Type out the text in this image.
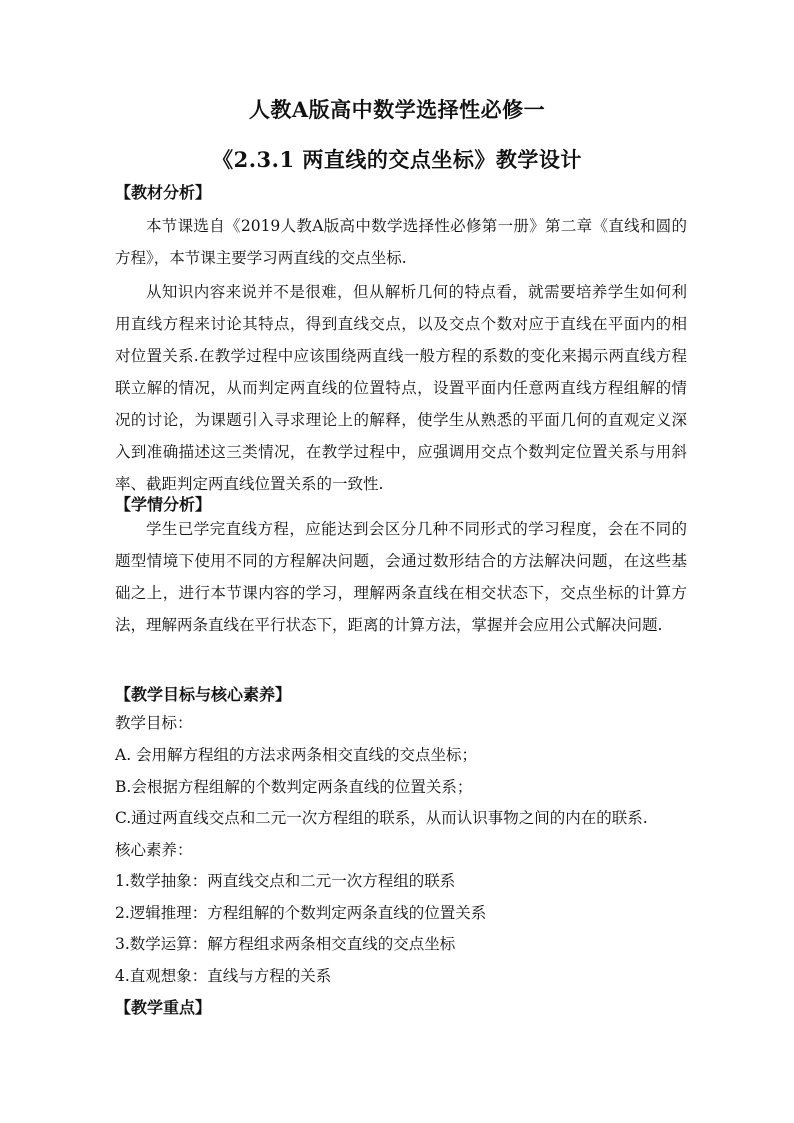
人教A版高中数学选择性必修一
《2.3.1 两直线的交点坐标》教学设计
【教材分析】
本节课选自《2019人教A版高中数学选择性必修第一册》第二章《直线和圆的方程》，本节课主要学习两直线的交点坐标.
从知识内容来说并不是很难，但从解析几何的特点看，就需要培养学生如何利用直线方程来讨论其特点，得到直线交点，以及交点个数对应于直线在平面内的相对位置关系.在教学过程中应该围绕两直线一般方程的系数的变化来揭示两直线方程联立解的情况，从而判定两直线的位置特点，设置平面内任意两直线方程组解的情况的讨论，为课题引入寻求理论上的解释，使学生从熟悉的平面几何的直观定义深入到准确描述这三类情况，在教学过程中，应强调用交点个数判定位置关系与用斜率、截距判定两直线位置关系的一致性.
【学情分析】
学生已学完直线方程，应能达到会区分几种不同形式的学习程度，会在不同的题型情境下使用不同的方程解决问题，会通过数形结合的方法解决问题，在这些基础之上，进行本节课内容的学习，理解两条直线在相交状态下，交点坐标的计算方法，理解两条直线在平行状态下，距离的计算方法，掌握并会应用公式解决问题.
【教学目标与核心素养】
教学目标：
A. 会用解方程组的方法求两条相交直线的交点坐标；
B.会根据方程组解的个数判定两条直线的位置关系；
C.通过两直线交点和二元一次方程组的联系，从而认识事物之间的内在的联系.
核心素养：
1.数学抽象：两直线交点和二元一次方程组的联系
2.逻辑推理：方程组解的个数判定两条直线的位置关系
3.数学运算：解方程组求两条相交直线的交点坐标
4.直观想象：直线与方程的关系
【教学重点】
